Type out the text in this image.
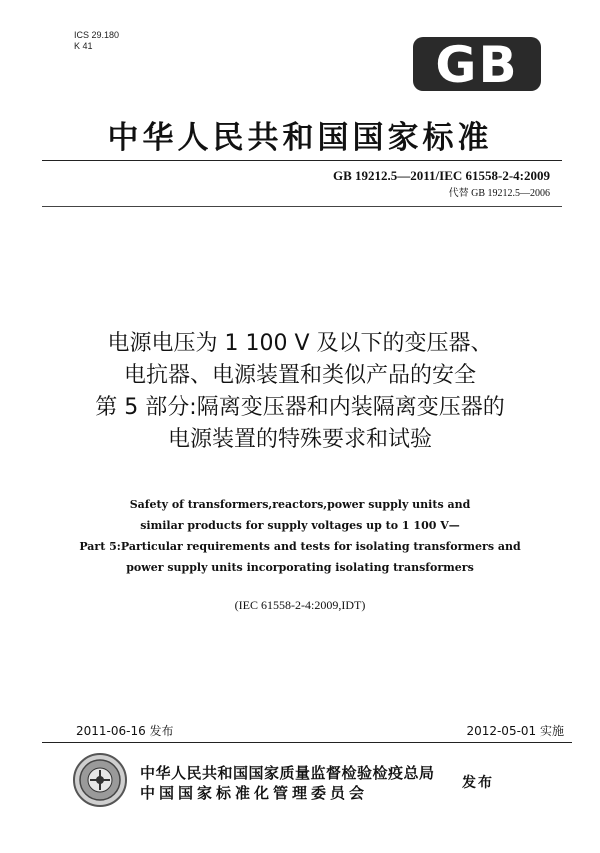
ICS 29.180
K 41	GB
中华人民共和国国家标准
GB 19212.5—2011/IEC 61558-2-4:2009
代替 GB 19212.5—2006
电源电压为 1 100 V 及以下的变压器、
电抗器、电源装置和类似产品的安全
第 5 部分:隔离变压器和内装隔离变压器的
电源装置的特殊要求和试验
Safety of transformers,reactors,power supply units and
similar products for supply voltages up to 1 100 V—
Part 5:Particular requirements and tests for isolating transformers and
power supply units incorporating isolating transformers
(IEC 61558-2-4:2009,IDT)
2011-06-16 发布	2012-05-01 实施
中华人民共和国国家质量监督检验检疫总局
中国国家标准化管理委员会
发布
